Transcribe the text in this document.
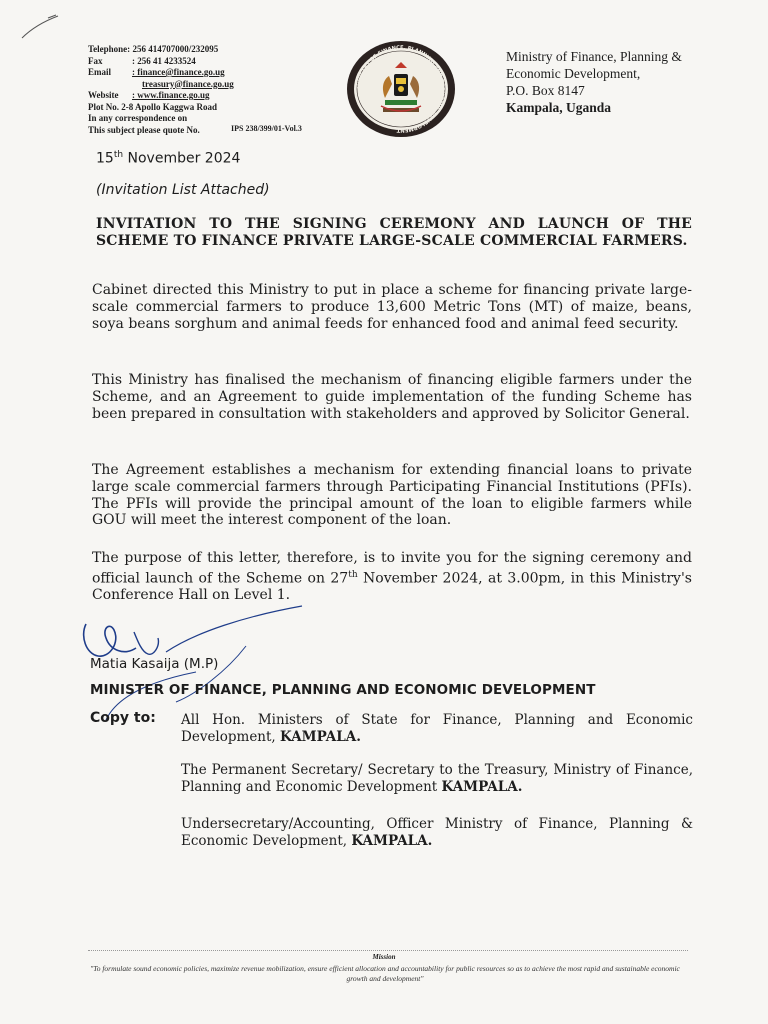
Telephone:
256 414707000/232095
Fax	: 256 41 4233524
Email	: finance@finance.go.ug
treasury@finance.go.ug
Website	: www.finance.go.ug
Plot No. 2-8 Apollo Kaggwa Road
In any correspondence on
This subject please quote No.	IPS 238/399/01-Vol.3
MINISTRY OF FINANCE, PLANNING AND ECONOMIC DEVELOPMENT
Ministry of Finance, Planning &
Economic Development,
P.O. Box 8147
Kampala, Uganda
15th November 2024
(Invitation List Attached)
INVITATION TO THE SIGNING CEREMONY AND LAUNCH OF THE SCHEME TO FINANCE PRIVATE LARGE-SCALE COMMERCIAL FARMERS.
Cabinet directed this Ministry to put in place a scheme for financing private large-scale commercial farmers to produce 13,600 Metric Tons (MT) of maize, beans, soya beans sorghum and animal feeds for enhanced food and animal feed security.
This Ministry has finalised the mechanism of financing eligible farmers under the Scheme, and an Agreement to guide implementation of the funding Scheme has been prepared in consultation with stakeholders and approved by Solicitor General.
The Agreement establishes a mechanism for extending financial loans to private large scale commercial farmers through Participating Financial Institutions (PFIs). The PFIs will provide the principal amount of the loan to eligible farmers while GOU will meet the interest component of the loan.
The purpose of this letter, therefore, is to invite you for the signing ceremony and official launch of the Scheme on 27th November 2024, at 3.00pm, in this Ministry's Conference Hall on Level 1.
Matia Kasaija (M.P)
MINISTER OF FINANCE, PLANNING AND ECONOMIC DEVELOPMENT
Copy to: All Hon. Ministers of State for Finance, Planning and Economic Development, KAMPALA.
The Permanent Secretary/ Secretary to the Treasury, Ministry of Finance, Planning and Economic Development KAMPALA.
Undersecretary/Accounting, Officer Ministry of Finance, Planning & Economic Development, KAMPALA.
Mission
"To formulate sound economic policies, maximize revenue mobilization, ensure efficient allocation and accountability for public resources so as to achieve the most rapid and sustainable economic growth and development"
